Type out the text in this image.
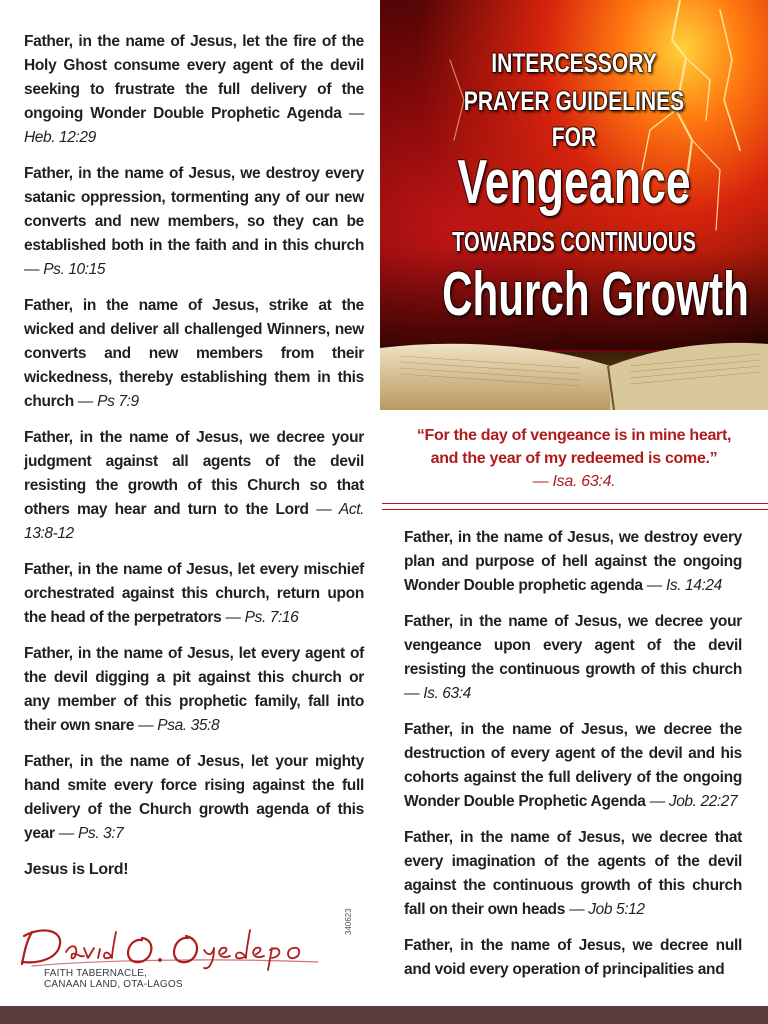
Father, in the name of Jesus, let the fire of the Holy Ghost consume every agent of the devil seeking to frustrate the full delivery of the ongoing Wonder Double Prophetic Agenda — Heb. 12:29

Father, in the name of Jesus, we destroy every satanic oppression, tormenting any of our new converts and new members, so they can be established both in the faith and in this church — Ps. 10:15

Father, in the name of Jesus, strike at the wicked and deliver all challenged Winners, new converts and new members from their wickedness, thereby establishing them in this church — Ps 7:9

Father, in the name of Jesus, we decree your judgment against all agents of the devil resisting the growth of this Church so that others may hear and turn to the Lord — Act. 13:8-12

Father, in the name of Jesus, let every mischief orchestrated against this church, return upon the head of the perpetrators — Ps. 7:16

Father, in the name of Jesus, let every agent of the devil digging a pit against this church or any member of this prophetic family, fall into their own snare — Psa. 35:8

Father, in the name of Jesus, let your mighty hand smite every force rising against the full delivery of the Church growth agenda of this year — Ps. 3:7

Jesus is Lord!

FAITH TABERNACLE,
CANAAN LAND, OTA-LAGOS
340623
INTERCESSORY
PRAYER GUIDELINES
FOR
Vengeance
TOWARDS CONTINUOUS
Church Growth
“For the day of vengeance is in mine heart,
and the year of my redeemed is come.”
— Isa. 63:4.

Father, in the name of Jesus, we destroy every plan and purpose of hell against the ongoing Wonder Double prophetic agenda — Is. 14:24

Father, in the name of Jesus, we decree your vengeance upon every agent of the devil resisting the continuous growth of this church — Is. 63:4

Father, in the name of Jesus, we decree the destruction of every agent of the devil and his cohorts against the full delivery of the ongoing Wonder Double Prophetic Agenda — Job. 22:27

Father, in the name of Jesus, we decree that every imagination of the agents of the devil against the continuous growth of this church fall on their own heads — Job 5:12

Father, in the name of Jesus, we decree null and void every operation of principalities and
